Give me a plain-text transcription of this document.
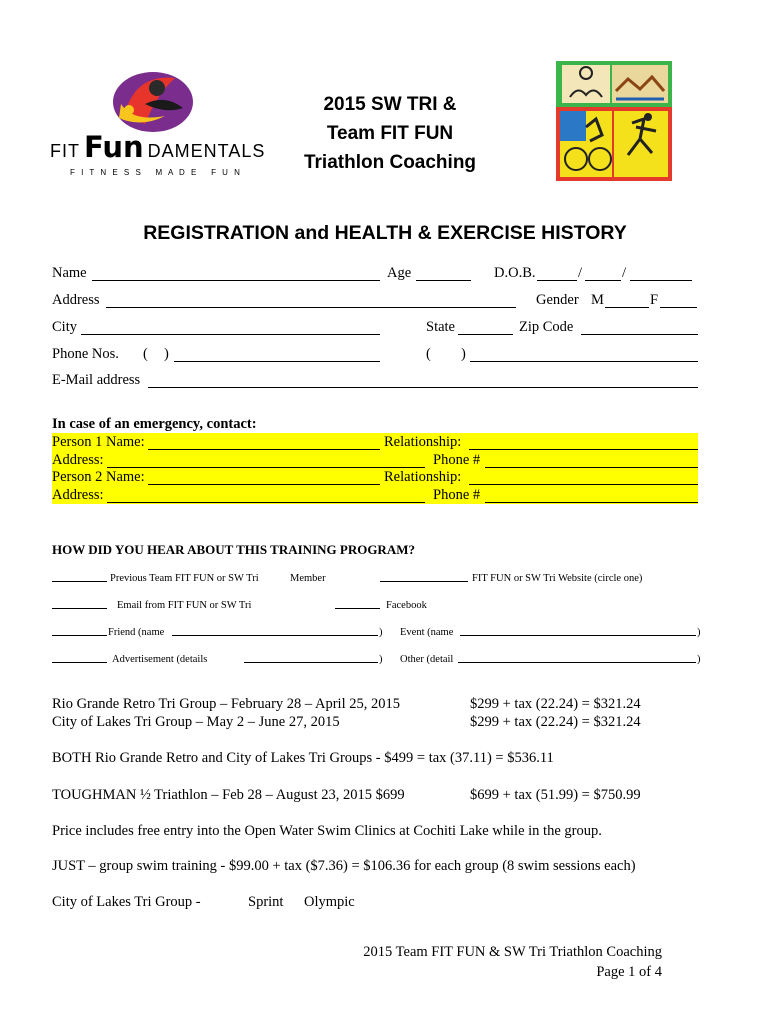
FIT Fun DAMENTALS
F I T N E S S   M A D E   F U N
2015 SW TRI &
Team FIT FUN
Triathlon Coaching
REGISTRATION and HEALTH & EXERCISE HISTORY
Name	Age	D.O.B.	/	/
Address	Gender M	F
City	State	Zip Code
Phone Nos. ( )	( )
E-Mail address
In case of an emergency, contact:
Person 1 Name:	Relationship:
Address:	Phone #
Person 2 Name:	Relationship:
Address:	Phone #
HOW DID YOU HEAR ABOUT THIS TRAINING PROGRAM?
Previous Team FIT FUN or SW Tri	Member	FIT FUN or SW Tri Website (circle one)
Email from FIT FUN or SW Tri	Facebook
Friend (name	) Event (name	)
Advertisement (details	) Other (detail	)
Rio Grande Retro Tri Group – February 28 – April 25, 2015	$299 + tax (22.24) = $321.24
City of Lakes Tri Group – May 2 – June 27, 2015	$299 + tax (22.24) = $321.24
BOTH Rio Grande Retro and City of Lakes Tri Groups - $499 = tax (37.11) = $536.11
TOUGHMAN ½ Triathlon – Feb 28 – August 23, 2015 $699	$699 + tax (51.99) = $750.99
Price includes free entry into the Open Water Swim Clinics at Cochiti Lake while in the group.
JUST – group swim training - $99.00 + tax ($7.36) = $106.36 for each group (8 swim sessions each)
City of Lakes Tri Group -	Sprint Olympic
2015 Team FIT FUN & SW Tri Triathlon Coaching
Page 1 of 4
